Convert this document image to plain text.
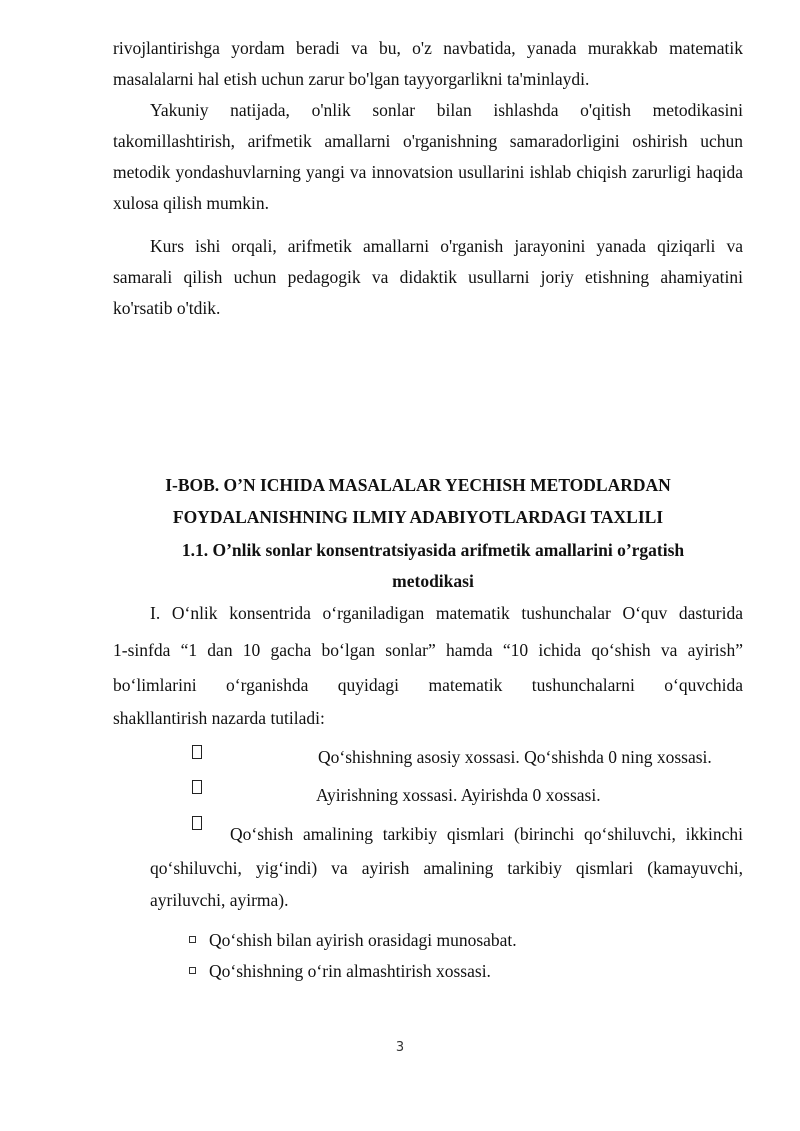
rivojlantirishga yordam beradi va bu, o'z navbatida, yanada murakkab matematik
masalalarni hal etish uchun zarur bo'lgan tayyorgarlikni ta'minlaydi.
Yakuniy natijada, o'nlik sonlar bilan ishlashda o'qitish metodikasini takomillashtirish, arifmetik amallarni o'rganishning samaradorligini oshirish uchun metodik yondashuvlarning yangi va innovatsion usullarini ishlab chiqish zarurligi haqida xulosa qilish mumkin.
Kurs ishi orqali, arifmetik amallarni o'rganish jarayonini yanada qiziqarli va samarali qilish uchun pedagogik va didaktik usullarni joriy etishning ahamiyatini ko'rsatib o'tdik.
I-BOB. O’N ICHIDA MASALALAR YECHISH METODLARDAN
FOYDALANISHNING ILMIY ADABIYOTLARDAGI TAXLILI
1.1. O’nlik sonlar konsentratsiyasida arifmetik amallarini o’rgatish
metodikasi
I. O‘nlik konsentrida o‘rganiladigan matematik tushunchalar O‘quv dasturida
1-sinfda “1 dan 10 gacha bo‘lgan sonlar” hamda “10 ichida qo‘shish va ayirish”
bo‘limlarini o‘rganishda quyidagi matematik tushunchalarni o‘quvchida
shakllantirish nazarda tutiladi:
Qo‘shishning asosiy xossasi. Qo‘shishda 0 ning xossasi.
Ayirishning xossasi. Ayirishda 0 xossasi.
Qo‘shish amalining tarkibiy qismlari (birinchi qo‘shiluvchi, ikkinchi
qo‘shiluvchi, yig‘indi) va ayirish amalining tarkibiy qismlari (kamayuvchi,
ayriluvchi, ayirma).
Qo‘shish bilan ayirish orasidagi munosabat.
Qo‘shishning o‘rin almashtirish xossasi.
3
